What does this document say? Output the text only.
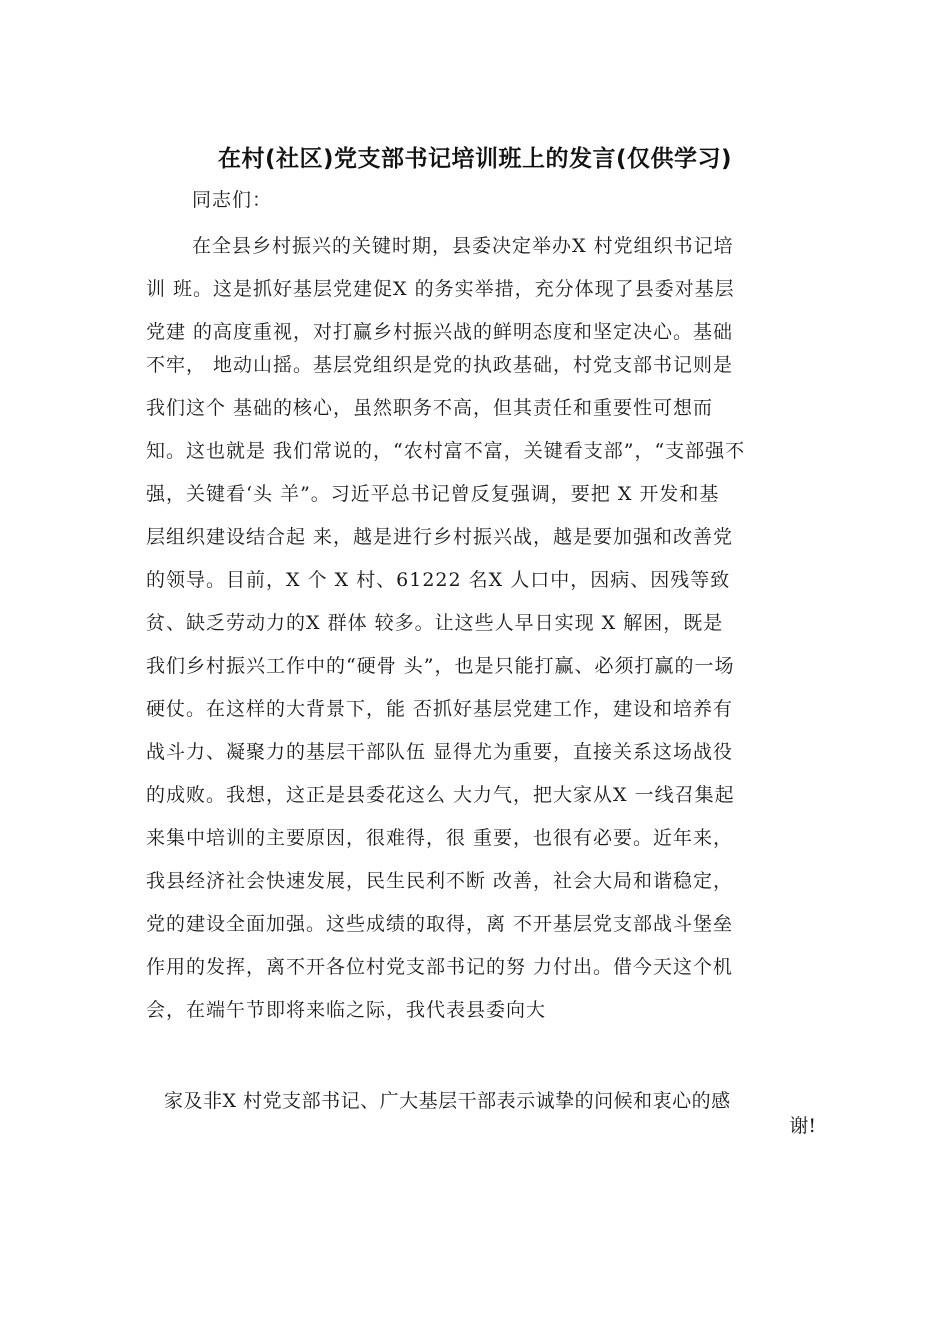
在村(社区)党支部书记培训班上的发言(仅供学习)
同志们：
在全县乡村振兴的关键时期，县委决定举办X 村党组织书记培
训 班。这是抓好基层党建促X 的务实举措，充分体现了县委对基层
党建 的高度重视，对打赢乡村振兴战的鲜明态度和坚定决心。基础
不牢， 地动山摇。基层党组织是党的执政基础，村党支部书记则是
我们这个 基础的核心，虽然职务不高，但其责任和重要性可想而
知。这也就是 我们常说的，“农村富不富，关键看支部”，“支部强不
强，关键看‘头 羊”。习近平总书记曾反复强调，要把 X 开发和基
层组织建设结合起 来，越是进行乡村振兴战，越是要加强和改善党
的领导。目前，X 个 X 村、61222 名X 人口中，因病、因残等致
贫、缺乏劳动力的X 群体 较多。让这些人早日实现 X 解困，既是
我们乡村振兴工作中的“硬骨 头”，也是只能打赢、必须打赢的一场
硬仗。在这样的大背景下，能 否抓好基层党建工作，建设和培养有
战斗力、凝聚力的基层干部队伍 显得尤为重要，直接关系这场战役
的成败。我想，这正是县委花这么 大力气，把大家从X 一线召集起
来集中培训的主要原因，很难得，很 重要，也很有必要。近年来，
我县经济社会快速发展，民生民利不断 改善，社会大局和谐稳定，
党的建设全面加强。这些成绩的取得，离 不开基层党支部战斗堡垒
作用的发挥，离不开各位村党支部书记的努 力付出。借今天这个机
会，在端午节即将来临之际，我代表县委向大
家及非X 村党支部书记、广大基层干部表示诚挚的问候和衷心的感
谢!
